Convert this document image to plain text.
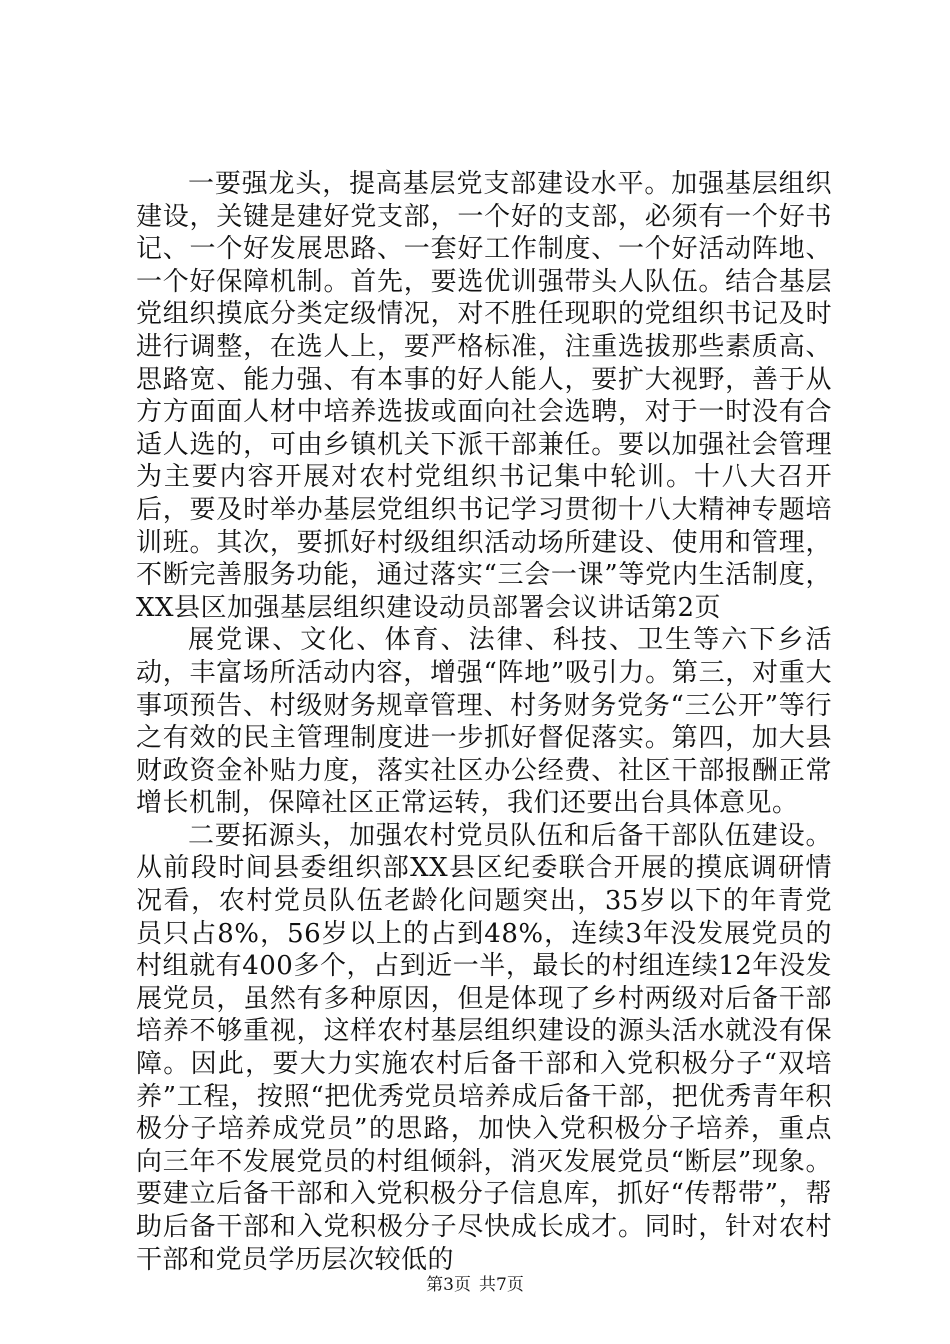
一要强龙头，提高基层党支部建设水平。加强基层组织建设，关键是建好党支部，一个好的支部，必须有一个好书记、一个好发展思路、一套好工作制度、一个好活动阵地、一个好保障机制。首先，要选优训强带头人队伍。结合基层党组织摸底分类定级情况，对不胜任现职的党组织书记及时进行调整，在选人上，要严格标准，注重选拔那些素质高、思路宽、能力强、有本事的好人能人，要扩大视野，善于从方方面面人材中培养选拔或面向社会选聘，对于一时没有合适人选的，可由乡镇机关下派干部兼任。要以加强社会管理为主要内容开展对农村党组织书记集中轮训。十八大召开后，要及时举办基层党组织书记学习贯彻十八大精神专题培训班。其次，要抓好村级组织活动场所建设、使用和管理，不断完善服务功能，通过落实“三会一课”等党内生活制度，XX县区加强基层组织建设动员部署会议讲话第2页

展党课、文化、体育、法律、科技、卫生等六下乡活动，丰富场所活动内容，增强“阵地”吸引力。第三，对重大事项预告、村级财务规章管理、村务财务党务“三公开”等行之有效的民主管理制度进一步抓好督促落实。第四，加大县财政资金补贴力度，落实社区办公经费、社区干部报酬正常增长机制，保障社区正常运转，我们还要出台具体意见。

二要拓源头，加强农村党员队伍和后备干部队伍建设。从前段时间县委组织部XX县区纪委联合开展的摸底调研情况看，农村党员队伍老龄化问题突出，35岁以下的年青党员只占8%，56岁以上的占到48%，连续3年没发展党员的村组就有400多个，占到近一半，最长的村组连续12年没发展党员，虽然有多种原因，但是体现了乡村两级对后备干部培养不够重视，这样农村基层组织建设的源头活水就没有保障。因此，要大力实施农村后备干部和入党积极分子“双培养”工程，按照“把优秀党员培养成后备干部，把优秀青年积极分子培养成党员”的思路，加快入党积极分子培养，重点向三年不发展党员的村组倾斜，消灭发展党员“断层”现象。要建立后备干部和入党积极分子信息库，抓好“传帮带”，帮助后备干部和入党积极分子尽快成长成才。同时，针对农村干部和党员学历层次较低的

第3页 共7页
